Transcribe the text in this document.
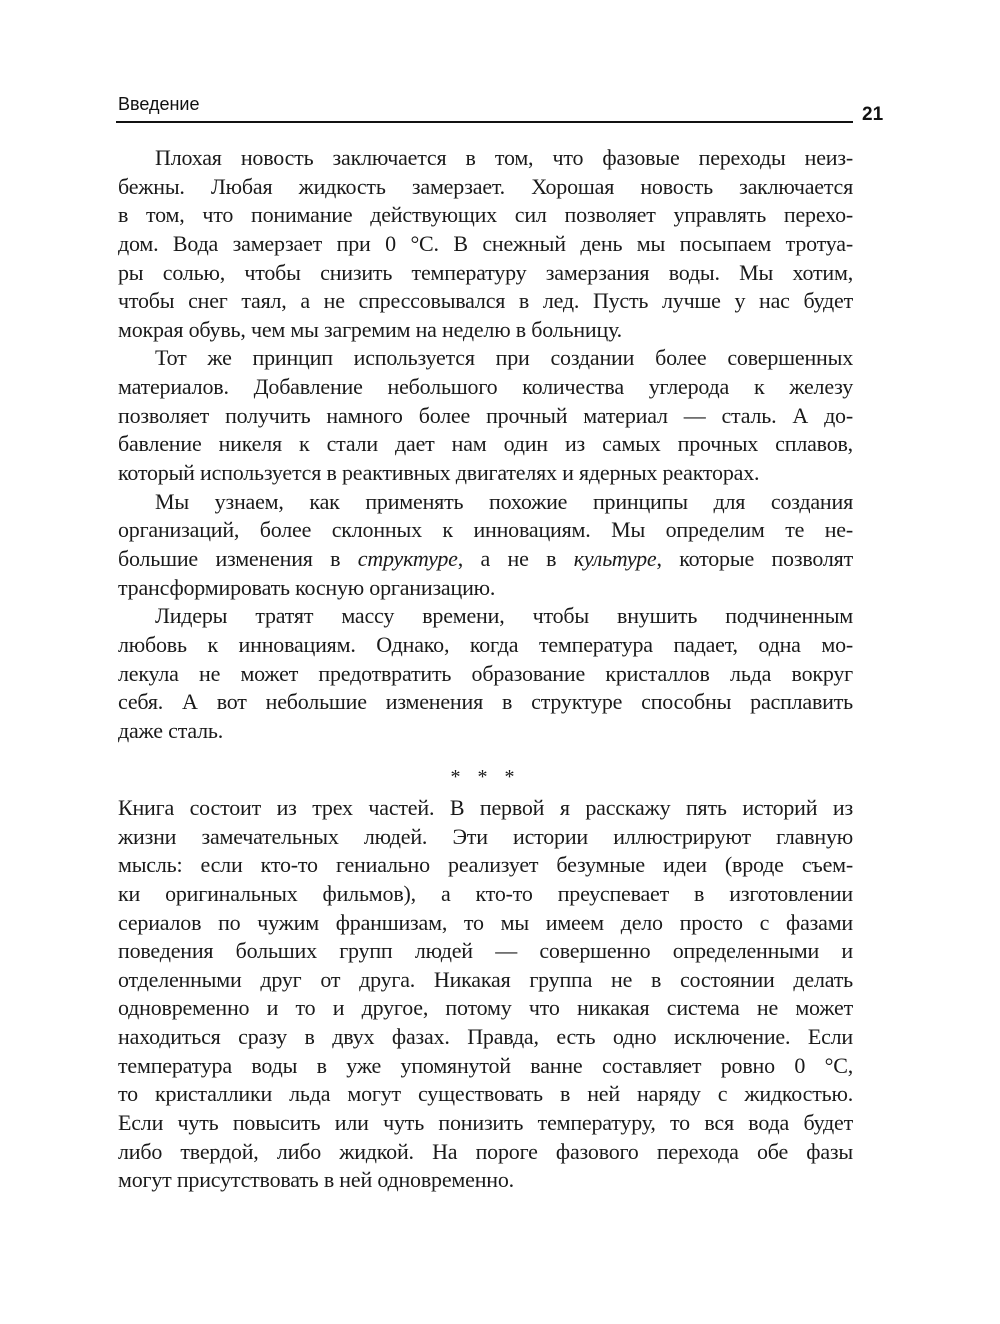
Введение	21
Плохая новость заключается в том, что фазовые переходы неиз-
бежны. Любая жидкость замерзает. Хорошая новость заключается
в том, что понимание действующих сил позволяет управлять перехо-
дом. Вода замерзает при 0 °С. В снежный день мы посыпаем тротуа-
ры солью, чтобы снизить температуру замерзания воды. Мы хотим,
чтобы снег таял, а не спрессовывался в лед. Пусть лучше у нас будет
мокрая обувь, чем мы загремим на неделю в больницу.
Тот же принцип используется при создании более совершенных
материалов. Добавление небольшого количества углерода к железу
позволяет получить намного более прочный материал — сталь. А до-
бавление никеля к стали дает нам один из самых прочных сплавов,
который используется в реактивных двигателях и ядерных реакторах.
Мы узнаем, как применять похожие принципы для создания
организаций, более склонных к инновациям. Мы определим те не-
большие изменения в структуре, а не в культуре, которые позволят
трансформировать косную организацию.
Лидеры тратят массу времени, чтобы внушить подчиненным
любовь к инновациям. Однако, когда температура падает, одна мо-
лекула не может предотвратить образование кристаллов льда вокруг
себя. А вот небольшие изменения в структуре способны расплавить
даже сталь.
* * *
Книга состоит из трех частей. В первой я расскажу пять историй из
жизни замечательных людей. Эти истории иллюстрируют главную
мысль: если кто-то гениально реализует безумные идеи (вроде съем-
ки оригинальных фильмов), а кто-то преуспевает в изготовлении
сериалов по чужим франшизам, то мы имеем дело просто с фазами
поведения больших групп людей — совершенно определенными и
отделенными друг от друга. Никакая группа не в состоянии делать
одновременно и то и другое, потому что никакая система не может
находиться сразу в двух фазах. Правда, есть одно исключение. Если
температура воды в уже упомянутой ванне составляет ровно 0 °С,
то кристаллики льда могут существовать в ней наряду с жидкостью.
Если чуть повысить или чуть понизить температуру, то вся вода будет
либо твердой, либо жидкой. На пороге фазового перехода обе фазы
могут присутствовать в ней одновременно.
